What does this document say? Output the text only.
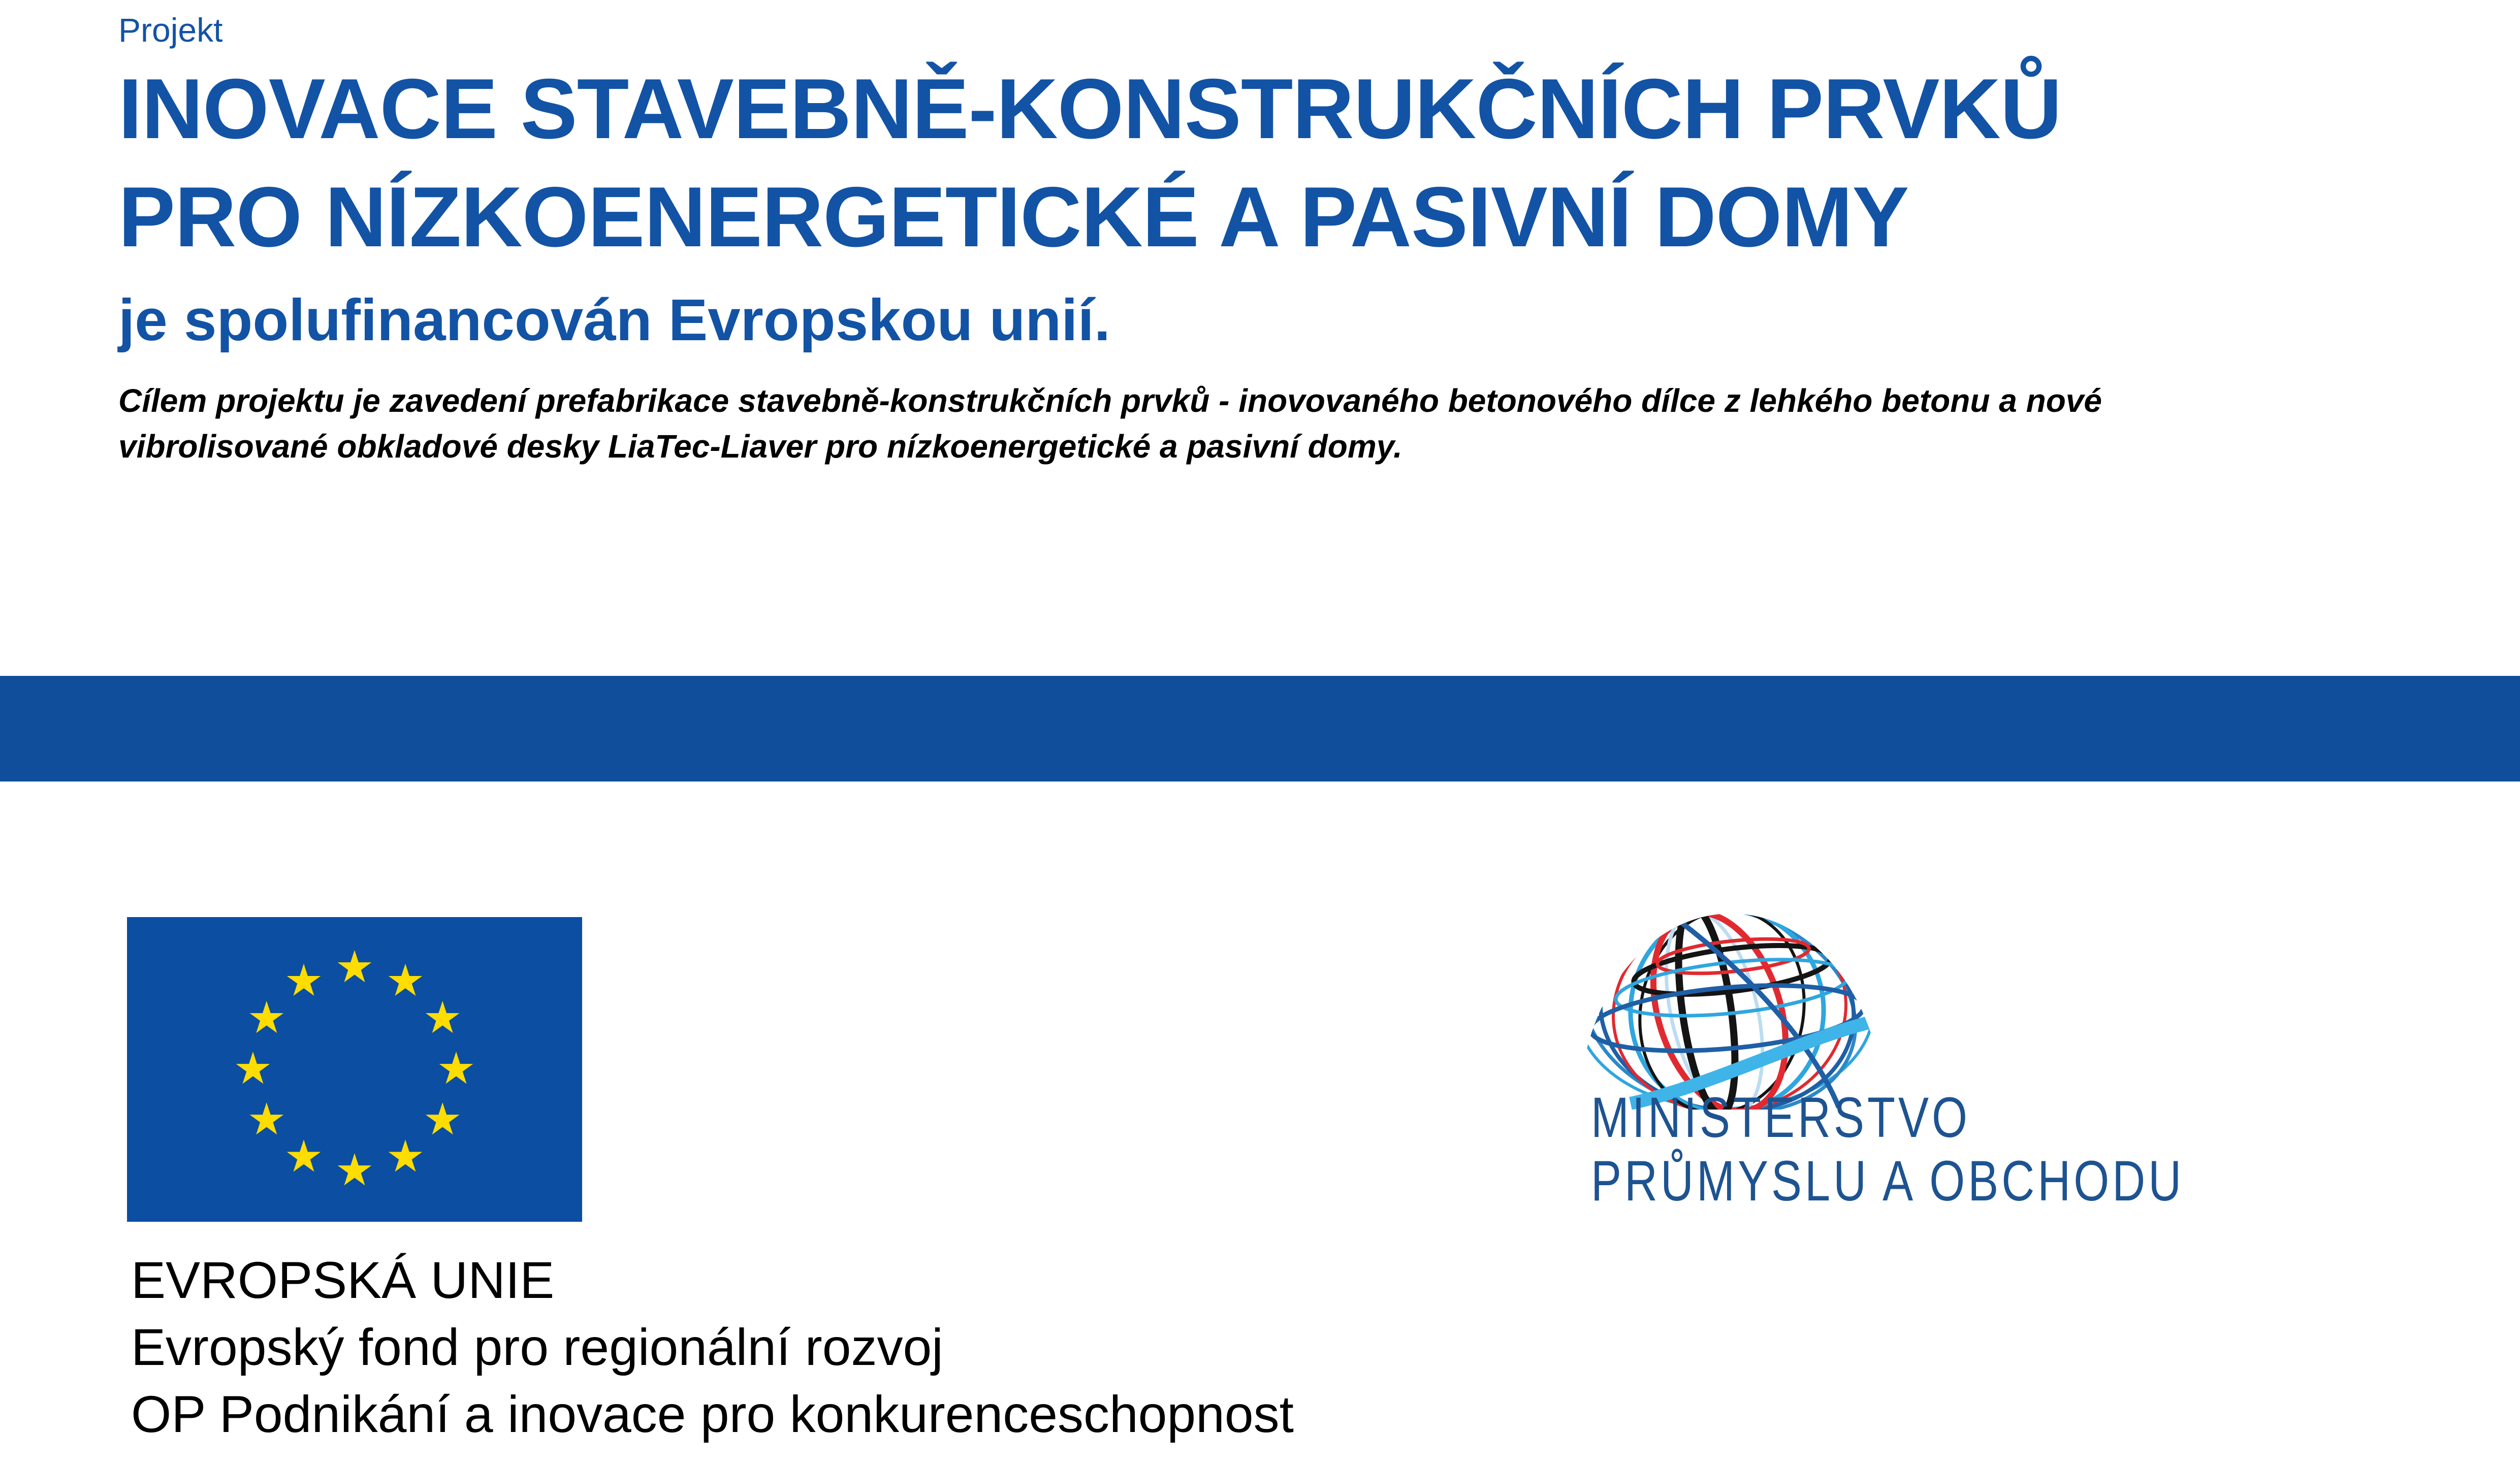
Projekt
INOVACE STAVEBNĚ-KONSTRUKČNÍCH PRVKŮ
PRO NÍZKOENERGETICKÉ A PASIVNÍ DOMY
je spolufinancován Evropskou unií.
Cílem projektu je zavedení prefabrikace stavebně-konstrukčních prvků - inovovaného betonového dílce z lehkého betonu a nové
vibrolisované obkladové desky LiaTec-Liaver pro nízkoenergetické a pasivní domy.
EVROPSKÁ UNIE
Evropský fond pro regionální rozvoj
OP Podnikání a inovace pro konkurenceschopnost
MINISTERSTVO
PRŮMYSLU A OBCHODU
